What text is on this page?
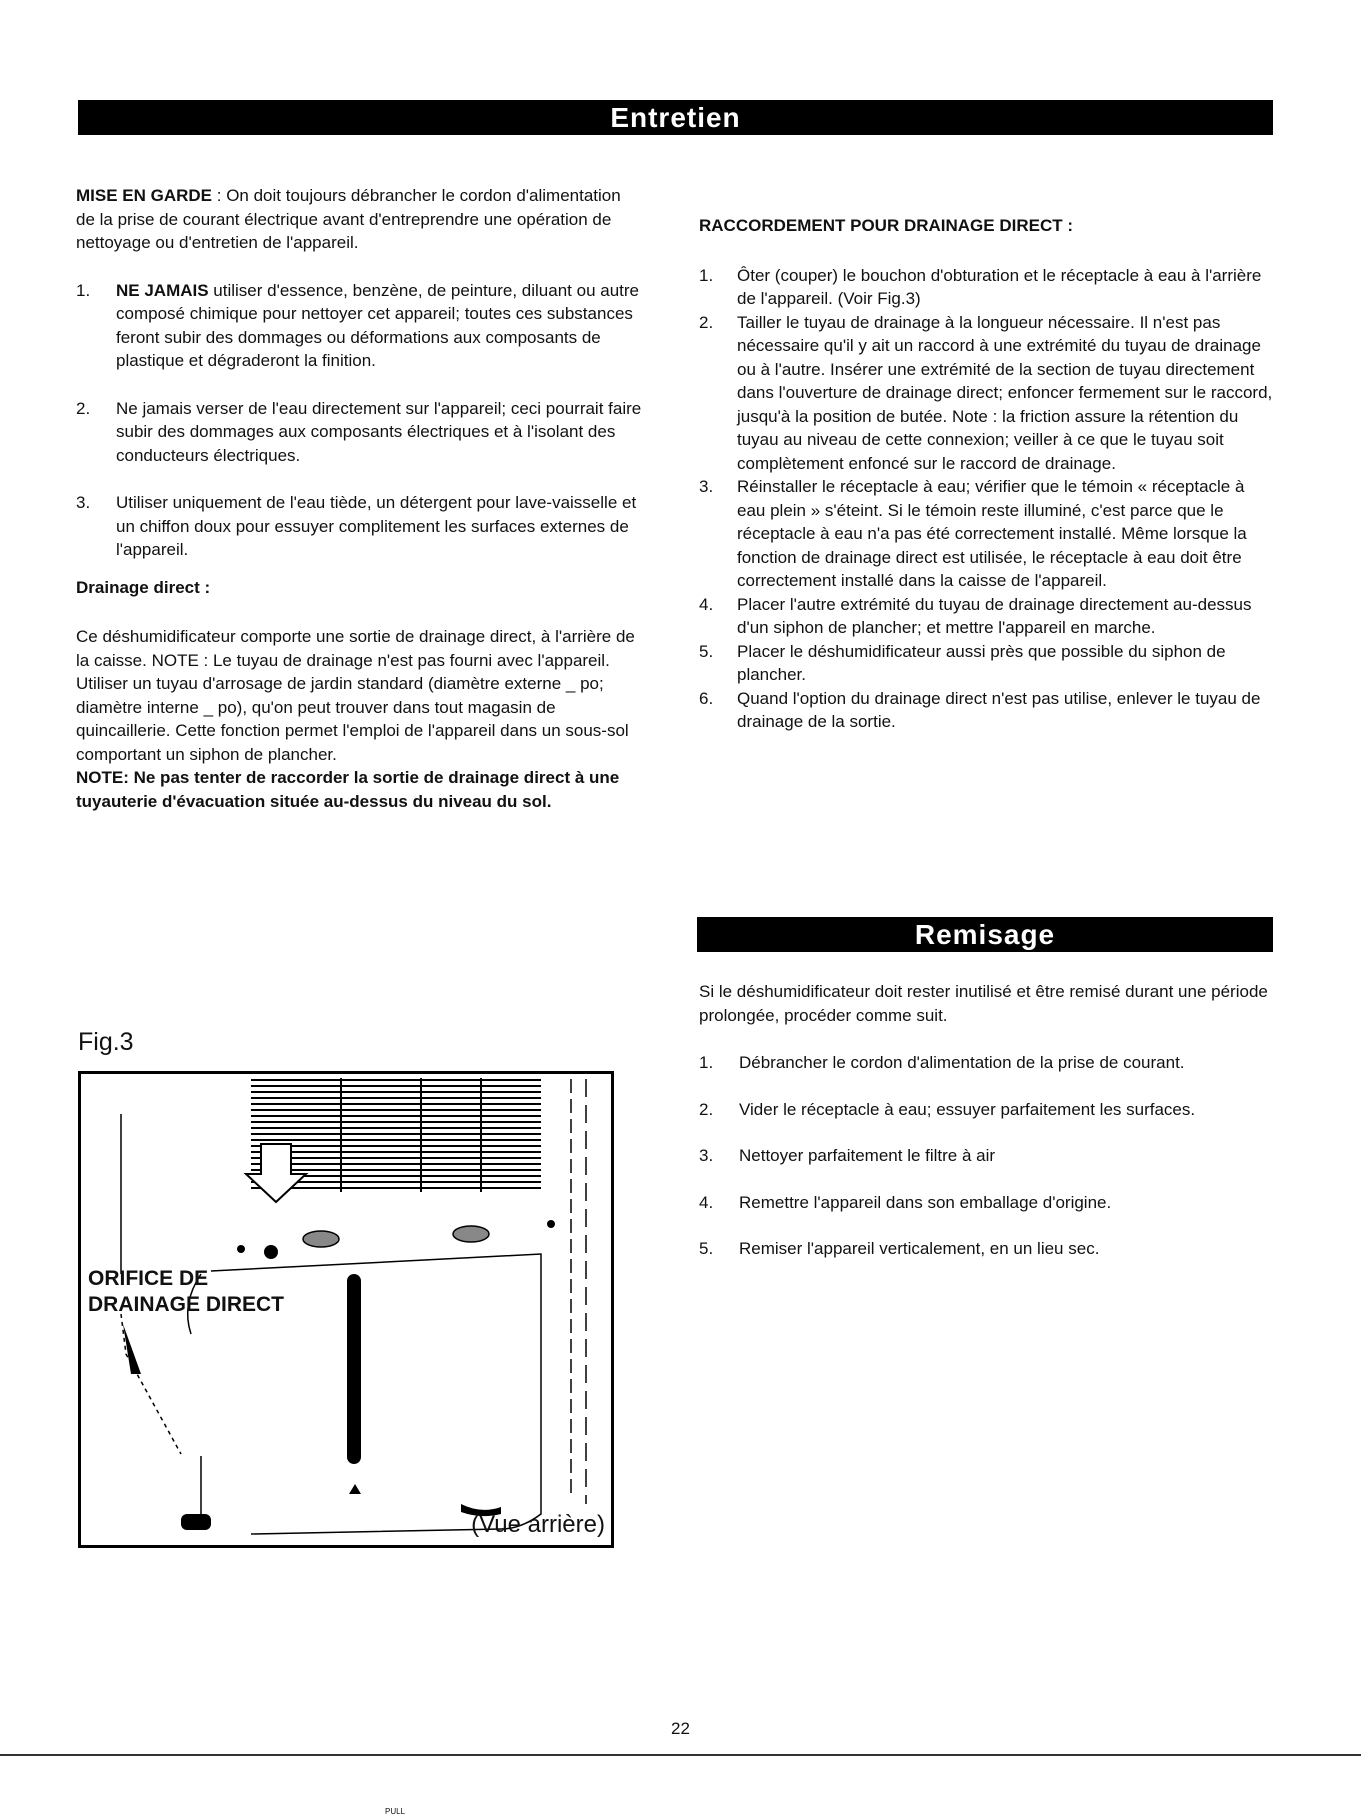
Entretien

MISE EN GARDE : On doit toujours débrancher le cordon d'alimentation de la prise de courant électrique avant d'entreprendre une opération de nettoyage ou d'entretien de l'appareil.

1. NE JAMAIS utiliser d'essence, benzène, de peinture, diluant ou autre composé chimique pour nettoyer cet appareil; toutes ces substances feront subir des dommages ou déformations aux composants de plastique et dégraderont la finition.
2. Ne jamais verser de l'eau directement sur l'appareil; ceci pourrait faire subir des dommages aux composants électriques et à l'isolant des conducteurs électriques.
3. Utiliser uniquement de l'eau tiède, un détergent pour lave-vaisselle et un chiffon doux pour essuyer complitement les surfaces externes de l'appareil.

Drainage direct :

Ce déshumidificateur comporte une sortie de drainage direct, à l'arrière de la caisse. NOTE : Le tuyau de drainage n'est pas fourni avec l'appareil. Utiliser un tuyau d'arrosage de jardin standard (diamètre externe _ po; diamètre interne _ po), qu'on peut trouver dans tout magasin de quincaillerie. Cette fonction permet l'emploi de l'appareil dans un sous-sol comportant un siphon de plancher.

NOTE: Ne pas tenter de raccorder la sortie de drainage direct à une tuyauterie d'évacuation située au-dessus du niveau du sol.

Fig.3
ORIFICE DE
DRAINAGE DIRECT
PULL
(Vue arrière)

RACCORDEMENT POUR DRAINAGE DIRECT :

1. Ôter (couper) le bouchon d'obturation et le réceptacle à eau à l'arrière de l'appareil. (Voir Fig.3)
2. Tailler le tuyau de drainage à la longueur nécessaire. Il n'est pas nécessaire qu'il y ait un raccord à une extrémité du tuyau de drainage ou à l'autre. Insérer une extrémité de la section de tuyau directement dans l'ouverture de drainage direct; enfoncer fermement sur le raccord, jusqu'à la position de butée. Note : la friction assure la rétention du tuyau au niveau de cette connexion; veiller à ce que le tuyau soit complètement enfoncé sur le raccord de drainage.
3. Réinstaller le réceptacle à eau; vérifier que le témoin « réceptacle à eau plein » s'éteint. Si le témoin reste illuminé, c'est parce que le réceptacle à eau n'a pas été correctement installé. Même lorsque la fonction de drainage direct est utilisée, le réceptacle à eau doit être correctement installé dans la caisse de l'appareil.
4. Placer l'autre extrémité du tuyau de drainage directement au-dessus d'un siphon de plancher; et mettre l'appareil en marche.
5. Placer le déshumidificateur aussi près que possible du siphon de plancher.
6. Quand l'option du drainage direct n'est pas utilise, enlever le tuyau de drainage de la sortie.
Remisage

Si le déshumidificateur doit rester inutilisé et être remisé durant une période prolongée, procéder comme suit.

1. Débrancher le cordon d'alimentation de la prise de courant.
2. Vider le réceptacle à eau; essuyer parfaitement les surfaces.
3. Nettoyer parfaitement le filtre à air
4. Remettre l'appareil dans son emballage d'origine.
5. Remiser l'appareil verticalement, en un lieu sec.
22
